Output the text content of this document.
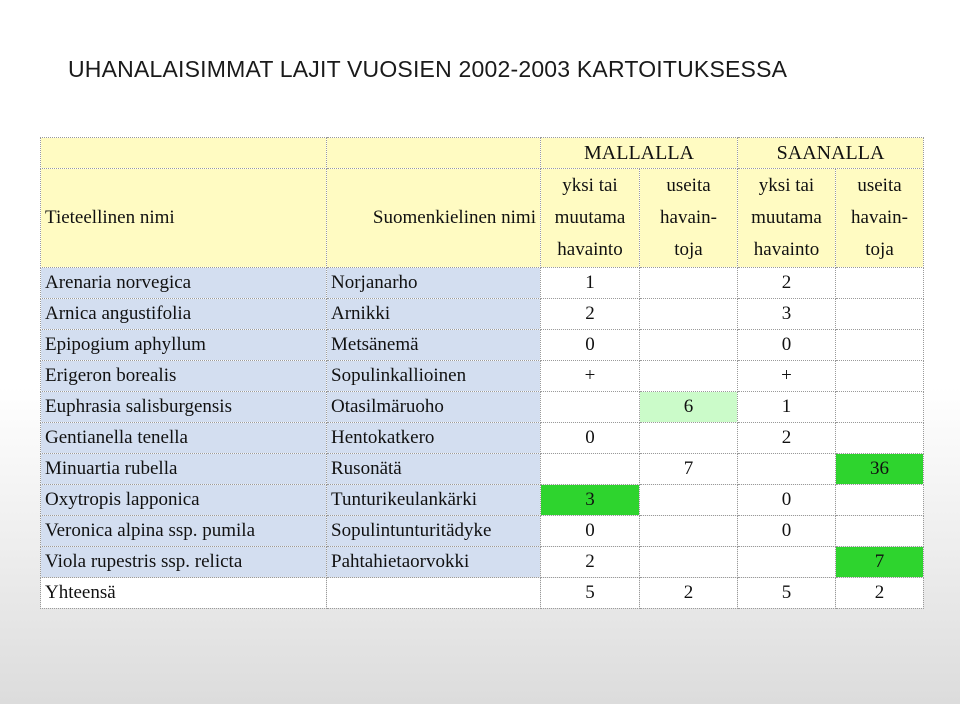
UHANALAISIMMAT LAJIT VUOSIEN 2002-2003 KARTOITUKSESSA
		MALLALLA		SAANALLA	
Tieteellinen nimi	Suomenkielinen nimi	yksi tai
muutama
havainto	useita
havain-
toja	yksi tai
muutama
havainto	useita
havain-
toja

Arenaria norvegica	Norjanarho	1		2	
Arnica angustifolia	Arnikki	2		3	
Epipogium aphyllum	Metsänemä	0		0	
Erigeron borealis	Sopulinkallioinen	+		+	
Euphrasia salisburgensis	Otasilmäruoho		6	1	
Gentianella tenella	Hentokatkero	0		2	
Minuartia rubella	Rusonätä		7		36
Oxytropis lapponica	Tunturikeulankärki	3		0	
Veronica alpina ssp. pumila	Sopulintunturitädyke	0		0	
Viola rupestris ssp. relicta	Pahtahietaorvokki	2			7
Yhteensä		5	2	5	2
